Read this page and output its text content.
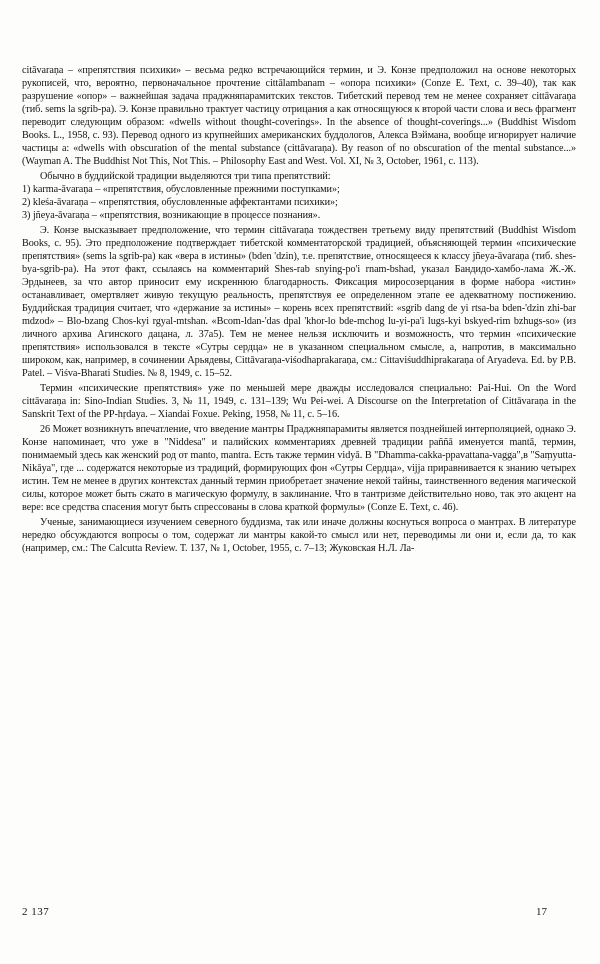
citāvaraṇa – «препятствия психики» – весьма редко встречающийся термин, и Э. Конзе предположил на основе некоторых рукописей, что, вероятно, первоначальное прочтение cittālambanam – «опора психики» (Conze E. Text, с. 39–40), так как разрушение «опор» – важнейшая задача праджняпарамитских текстов. Тибетский перевод тем не менее сохраняет cittāvaraṇa (тиб. sems la sgrib-pa). Э. Конзе правильно трактует частицу отрицания a как относящуюся к второй части слова и весь фрагмент переводит следующим образом: «dwells without thought-coverings». In the absence of thought-coverings...» (Buddhist Wisdom Books. L., 1958, с. 93). Перевод одного из крупнейших американских буддологов, Алекса Вэймана, вообще игнорирует наличие частицы a: «dwells with obscuration of the mental substance (cittāvaraṇa). By reason of no obscuration of the mental substance...» (Wayman A. The Buddhist Not This, Not This. – Philosophy East and West. Vol. XI, № 3, October, 1961, с. 113).

Обычно в буддийской традиции выделяются три типа препятствий:

1) karma-āvaraṇa – «препятствия, обусловленные прежними поступками»;

2) kleśa-āvaraṇa – «препятствия, обусловленные аффектантами психики»;

3) jñeya-āvaraṇa – «препятствия, возникающие в процессе познания».

Э. Конзе высказывает предположение, что термин cittāvaraṇa тождествен третьему виду препятствий (Buddhist Wisdom Books, с. 95). Это предположение подтверждает тибетской комментаторской традицией, объясняющей термин «психические препятствия» (sems la sgrib-pa) как «вера в истины» (bden 'dzin), т.е. препятствие, относящееся к классу jñeya-āvaraṇa (тиб. shes-bya-sgrib-pa). На этот факт, ссылаясь на комментарий Shes-rab snying-po'i rnam-bshad, указал Бандидо-хамбо-лама Ж.-Ж. Эрдынеев, за что автор приносит ему искреннюю благодарность. Фиксация миросозерцания в форме набора «истин» останавливает, омертвляет живую текущую реальность, препятствуя ее определенном этапе ее адекватному постижению. Буддийская традиция считает, что «держание за истины» – корень всех препятствий: «sgrib dang de yi rtsa-ba bden-'dzin zhi-bar mdzod» – Blo-bzang Chos-kyi rgyal-mtshan. «Bcom-ldan-'das dpal 'khor-lo bde-mchog lu-yi-pa'i lugs-kyi bskyed-rim bzhugs-so» (из личного архива Агинского дацана, л. 37а5). Тем не менее нельзя исключить и возможность, что термин «психические препятствия» использовался в тексте «Сутры сердца» не в указанном специальном смысле, а, напротив, в максимально широком, как, например, в сочинении Арьядевы, Cittāvaraṇa-viśodhaprakaraṇa, см.: Cittaviśuddhiprakaraṇa of Aryadeva. Ed. by P.B. Patel. – Viśva-Bharati Studies. № 8, 1949, с. 15–52.

Термин «психические препятствия» уже по меньшей мере дважды исследовался специально: Pai-Hui. On the Word cittāvaraṇa in: Sino-Indian Studies. 3, № 11, 1949, с. 131–139; Wu Pei-wei. A Discourse on the Interpretation of Cittāvaraṇa in the Sanskrit Text of the PP-hṛdaya. – Xiandai Foxue. Peking, 1958, № 11, с. 5–16.

26 Может возникнуть впечатление, что введение мантры Праджняпарамиты является позднейшей интерполяцией, однако Э. Конзе напоминает, что уже в "Niddesa" и палийских комментариях древней традиции paññā именуется mantā, термин, понимаемый здесь как женский род от manto, mantra. Есть также термин vidyā. В "Dhamma-cakka-ppavattana-vagga",в "Saṃyutta-Nikāya", где ... содержатся некоторые из традиций, формирующих фон «Сутры Сердца», vijja приравнивается к знанию четырех истин. Тем не менее в других контекстах данный термин приобретает значение некой тайны, таинственного ведения магической силы, которое может быть сжато в магическую формулу, в заклинание. Что в тантризме действительно ново, так это акцент на вере: все средства спасения могут быть спрессованы в слова краткой формулы» (Conze E. Text, с. 46).

Ученые, занимающиеся изучением северного буддизма, так или иначе должны коснуться вопроса о мантрах. В литературе нередко обсуждаются вопросы о том, содержат ли мантры какой-то смысл или нет, переводимы ли они и, если да, то как (например, см.: The Calcutta Review. Т. 137, № 1, October, 1955, с. 7–13; Жуковская Н.Л. Ла-

2 137	17
